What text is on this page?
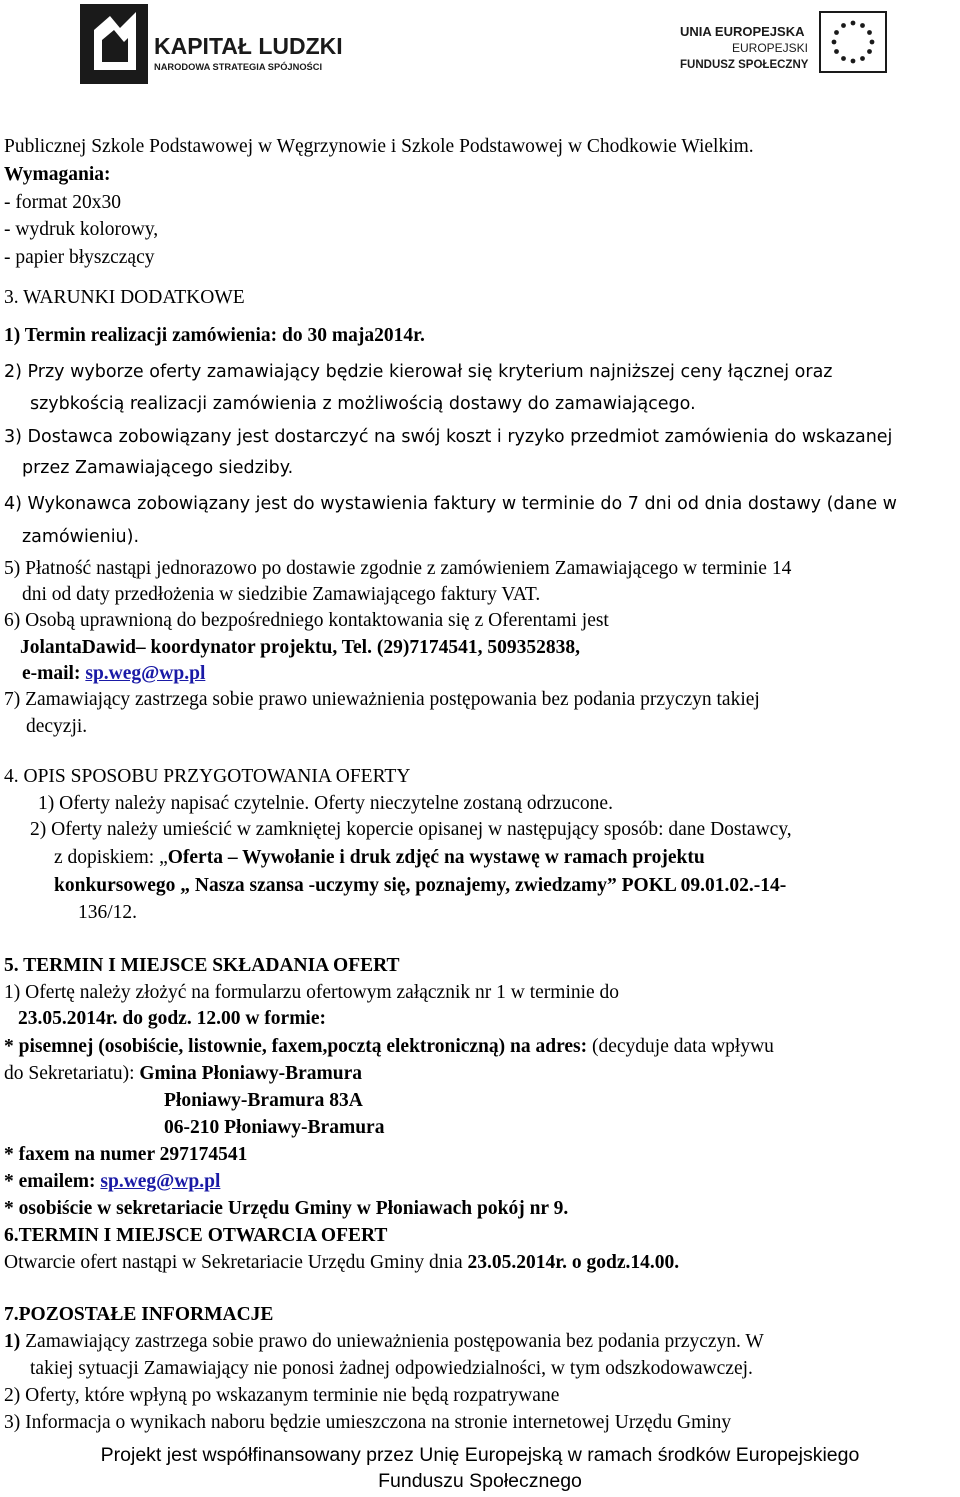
KAPITAŁ LUDZKI
NARODOWA STRATEGIA SPÓJNOŚCI
UNIA EUROPEJSKA
EUROPEJSKI
FUNDUSZ SPOŁECZNY
Publicznej Szkole Podstawowej w Węgrzynowie i Szkole Podstawowej w Chodkowie Wielkim.
Wymagania:
- format 20x30
- wydruk kolorowy,
- papier błyszczący
3. WARUNKI DODATKOWE
1) Termin realizacji zamówienia: do 30 maja2014r.
2) Przy wyborze oferty zamawiający będzie kierował się kryterium najniższej ceny łącznej oraz
szybkością realizacji zamówienia z możliwością dostawy do zamawiającego.
3) Dostawca zobowiązany jest dostarczyć na swój koszt i ryzyko przedmiot zamówienia do wskazanej
przez Zamawiającego siedziby.
4) Wykonawca zobowiązany jest do wystawienia faktury w terminie do 7 dni od dnia dostawy (dane w
zamówieniu).
5) Płatność nastąpi jednorazowo po dostawie zgodnie z zamówieniem Zamawiającego w terminie 14
dni od daty przedłożenia w siedzibie Zamawiającego faktury VAT.
6) Osobą uprawnioną do bezpośredniego kontaktowania się z Oferentami jest
JolantaDawid– koordynator projektu, Tel. (29)7174541, 509352838,
e-mail: sp.weg@wp.pl
7) Zamawiający zastrzega sobie prawo unieważnienia postępowania bez podania przyczyn takiej
decyzji.
4. OPIS SPOSOBU PRZYGOTOWANIA OFERTY
1) Oferty należy napisać czytelnie. Oferty nieczytelne zostaną odrzucone.
2) Oferty należy umieścić w zamkniętej kopercie opisanej w następujący sposób: dane Dostawcy,
z dopiskiem: „Oferta – Wywołanie i druk zdjęć na wystawę w ramach projektu
konkursowego „ Nasza szansa -uczymy się, poznajemy, zwiedzamy” POKL 09.01.02.-14-
136/12.
5. TERMIN I MIEJSCE SKŁADANIA OFERT
1) Ofertę należy złożyć na formularzu ofertowym załącznik nr 1 w terminie do
23.05.2014r. do godz. 12.00 w formie:
* pisemnej (osobiście, listownie, faxem,pocztą elektroniczną) na adres: (decyduje data wpływu
do Sekretariatu): Gmina Płoniawy-Bramura
Płoniawy-Bramura 83A
06-210 Płoniawy-Bramura
* faxem na numer 297174541
* emailem: sp.weg@wp.pl
* osobiście w sekretariacie Urzędu Gminy w Płoniawach pokój nr 9.
6.TERMIN I MIEJSCE OTWARCIA OFERT
Otwarcie ofert nastąpi w Sekretariacie Urzędu Gminy dnia 23.05.2014r. o godz.14.00.
7.POZOSTAŁE INFORMACJE
1) Zamawiający zastrzega sobie prawo do unieważnienia postępowania bez podania przyczyn. W
takiej sytuacji Zamawiający nie ponosi żadnej odpowiedzialności, w tym odszkodowawczej.
2) Oferty, które wpłyną po wskazanym terminie nie będą rozpatrywane
3) Informacja o wynikach naboru będzie umieszczona na stronie internetowej Urzędu Gminy
Projekt jest współfinansowany przez Unię Europejską w ramach środków Europejskiego
Funduszu Społecznego
